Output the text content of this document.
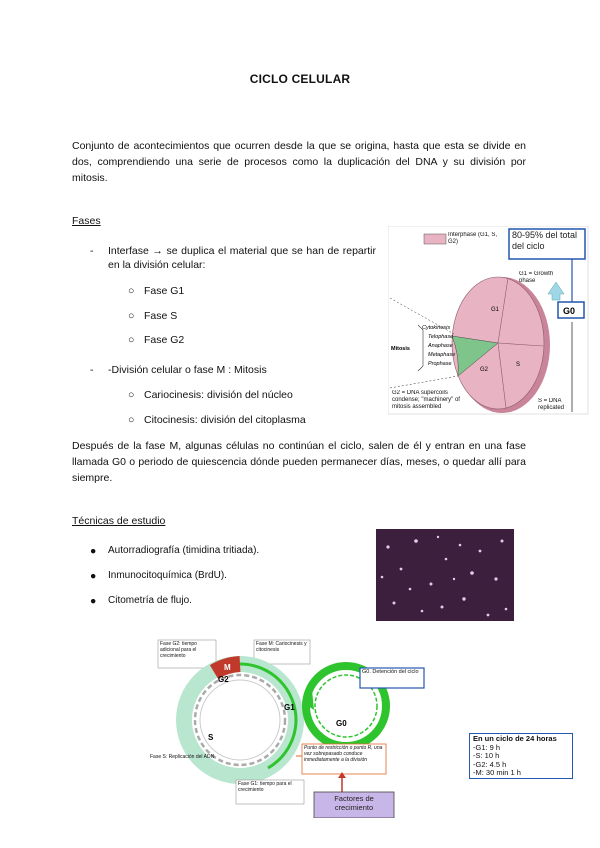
CICLO CELULAR
Conjunto de acontecimientos que ocurren desde la que se origina, hasta que esta se divide en dos, comprendiendo una serie de procesos como la duplicación del DNA y su división por mitosis.
Fases
- Interfase → se duplica el material que se han de repartir en la división celular:
○ Fase G1
○ Fase S
○ Fase G2
- -División celular o fase M : Mitosis
○ Cariocinesis: división del núcleo
○ Citocinesis: división del citoplasma
Interphase (G1, S, G2)
80-95% del total del ciclo
G1 = Growth phase
G0
G1
S
G2
Cytokinesis
Telophase
Anaphase
Metaphase
Prophase
Mitosis
G2 = DNA supercoils condense; "machinery" of mitosis assembled
S = DNA replicated
Después de la fase M, algunas células no continúan el ciclo, salen de él y entran en una fase llamada G0 o periodo de quiescencia dónde pueden permanecer días, meses, o quedar allí para siempre.
Técnicas de estudio
● Autorradiografía (timidina tritiada).
● Inmunocitoquímica (BrdU).
● Citometría de flujo.
Fase G2: tiempo adicional para el crecimiento
Fase M: Cariocinesis y citocinesis
G2
M
S
G1
G0
G0. Detención del ciclo
Fase S: Replicación del ADN
Punto de restricción o punto R, una vez sobrepasado conduce inmediatamente a la división
Fase G1: tiempo para el crecimiento
Factores de crecimiento
En un ciclo de 24 horas
-G1: 9 h
-S: 10 h
-G2: 4.5 h
-M: 30 min 1 h
